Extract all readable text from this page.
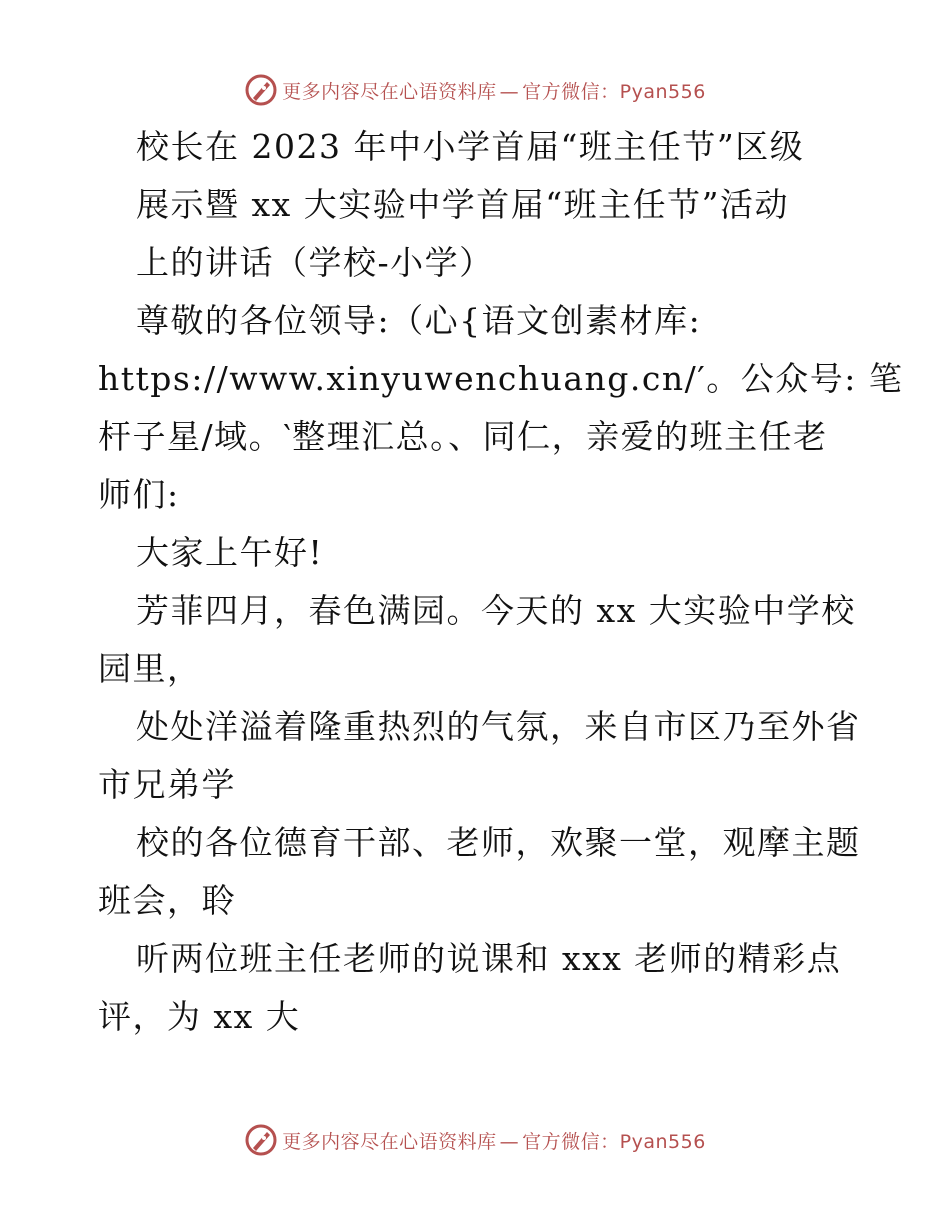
更多内容尽在心语资料库 — 官方微信：Pyan556
校长在 2023 年中小学首届“班主任节”区级
展示暨 xx 大实验中学首届“班主任节”活动
上的讲话（学校-小学）
尊敬的各位领导:（心{语文创素材库:
https://www.xinyuwenchuang.cn/′。公众号: 笔
杆子星/域。‵整理汇总。、同仁，亲爱的班主任老
师们:
大家上午好!
芳菲四月，春色满园。今天的 xx 大实验中学校
园里，
处处洋溢着隆重热烈的气氛，来自市区乃至外省
市兄弟学
校的各位德育干部、老师，欢聚一堂，观摩主题
班会，聆
听两位班主任老师的说课和 xxx 老师的精彩点
评，为 xx 大
更多内容尽在心语资料库 — 官方微信：Pyan556
